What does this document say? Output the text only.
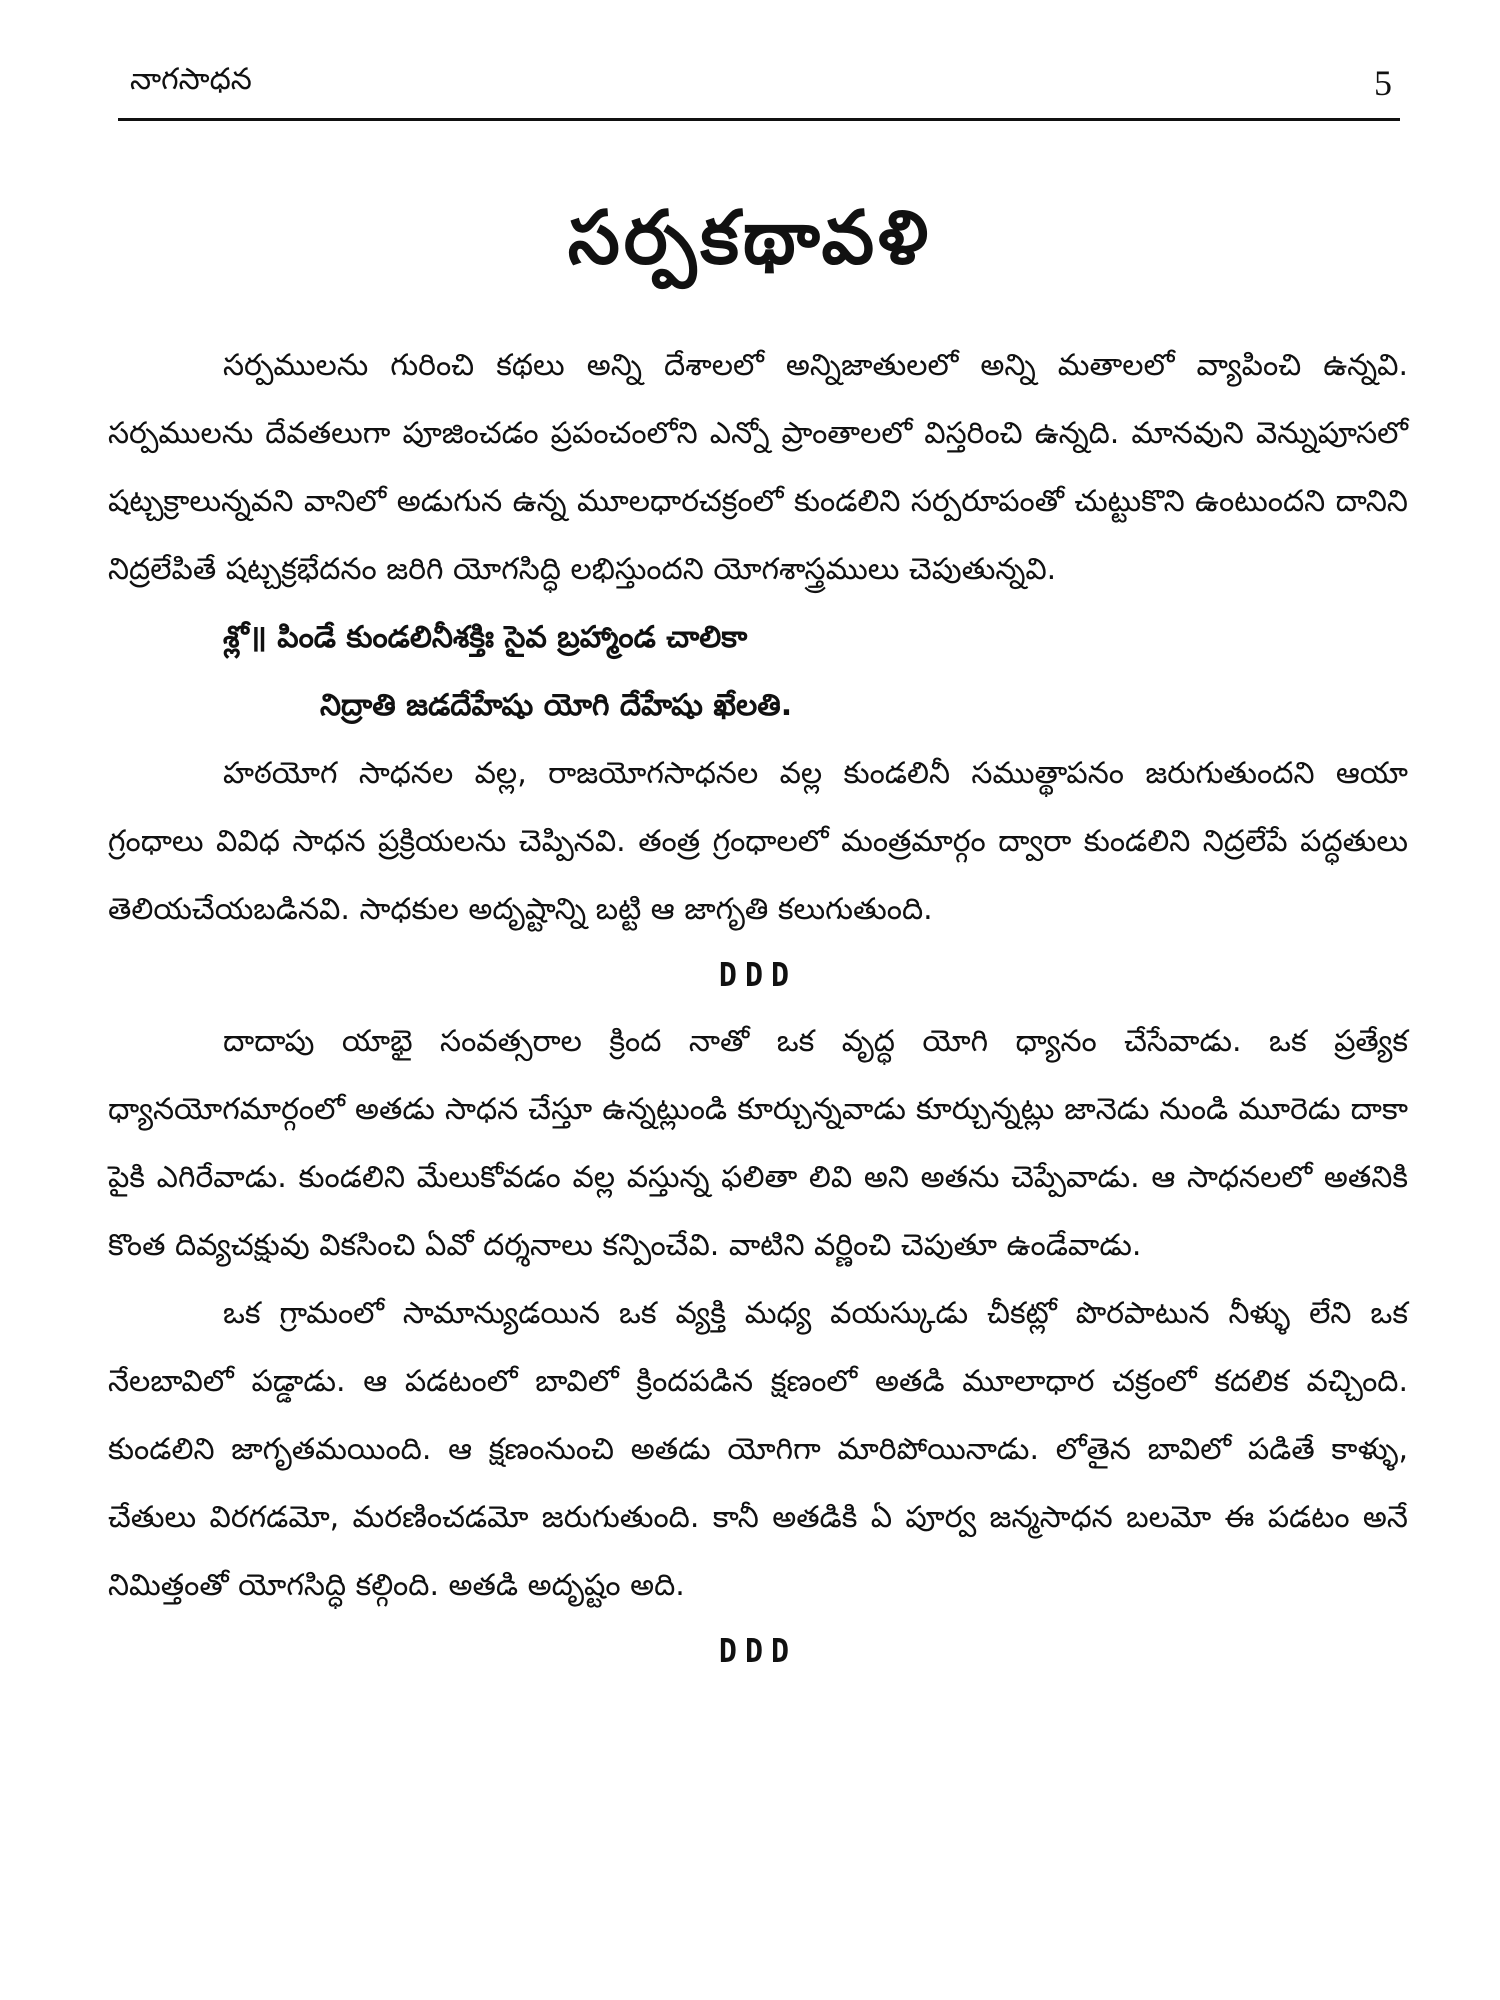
నాగసాధన	5
సర్పకథావళి

సర్పములను గురించి కథలు అన్ని దేశాలలో అన్నిజాతులలో అన్ని మతాలలో వ్యాపించి ఉన్నవి. సర్పములను దేవతలుగా పూజించడం ప్రపంచంలోని ఎన్నో ప్రాంతాలలో విస్తరించి ఉన్నది. మానవుని వెన్నుపూసలో షట్చక్రాలున్నవని వానిలో అడుగున ఉన్న మూలధారచక్రంలో కుండలిని సర్పరూపంతో చుట్టుకొని ఉంటుందని దానిని నిద్రలేపితే షట్చక్రభేదనం జరిగి యోగసిద్ధి లభిస్తుందని యోగశాస్త్రములు చెపుతున్నవి.

శ్లో॥ పిండే కుండలినీశక్తిః సైవ బ్రహ్మాండ చాలికా

నిద్రాతి జడదేహేషు యోగి దేహేషు ఖేలతి.

హఠయోగ సాధనల వల్ల, రాజయోగసాధనల వల్ల కుండలినీ సముత్థాపనం జరుగుతుందని ఆయా గ్రంధాలు వివిధ సాధన ప్రక్రియలను చెప్పినవి. తంత్ర గ్రంధాలలో మంత్రమార్గం ద్వారా కుండలిని నిద్రలేపే పద్ధతులు తెలియచేయబడినవి. సాధకుల అదృష్టాన్ని బట్టి ఆ జాగృతి కలుగుతుంది.

DDD

దాదాపు యాభై సంవత్సరాల క్రింద నాతో ఒక వృద్ధ యోగి ధ్యానం చేసేవాడు. ఒక ప్రత్యేక ధ్యానయోగమార్గంలో అతడు సాధన చేస్తూ ఉన్నట్లుండి కూర్చున్నవాడు కూర్చున్నట్లు జానెడు నుండి మూరెడు దాకా పైకి ఎగిరేవాడు. కుండలిని మేలుకోవడం వల్ల వస్తున్న ఫలితా లివి అని అతను చెప్పేవాడు. ఆ సాధనలలో అతనికి కొంత దివ్యచక్షువు వికసించి ఏవో దర్శనాలు కన్పించేవి. వాటిని వర్ణించి చెపుతూ ఉండేవాడు.

ఒక గ్రామంలో సామాన్యుడయిన ఒక వ్యక్తి మధ్య వయస్కుడు చీకట్లో పొరపాటున నీళ్ళు లేని ఒక నేలబావిలో పడ్డాడు. ఆ పడటంలో బావిలో క్రిందపడిన క్షణంలో అతడి మూలాధార చక్రంలో కదలిక వచ్చింది. కుండలిని జాగృతమయింది. ఆ క్షణంనుంచి అతడు యోగిగా మారిపోయినాడు. లోతైన బావిలో పడితే కాళ్ళు, చేతులు విరగడమో, మరణించడమో జరుగుతుంది. కానీ అతడికి ఏ పూర్వ జన్మసాధన బలమో ఈ పడటం అనే నిమిత్తంతో యోగసిద్ధి కల్గింది. అతడి అదృష్టం అది.

DDD
